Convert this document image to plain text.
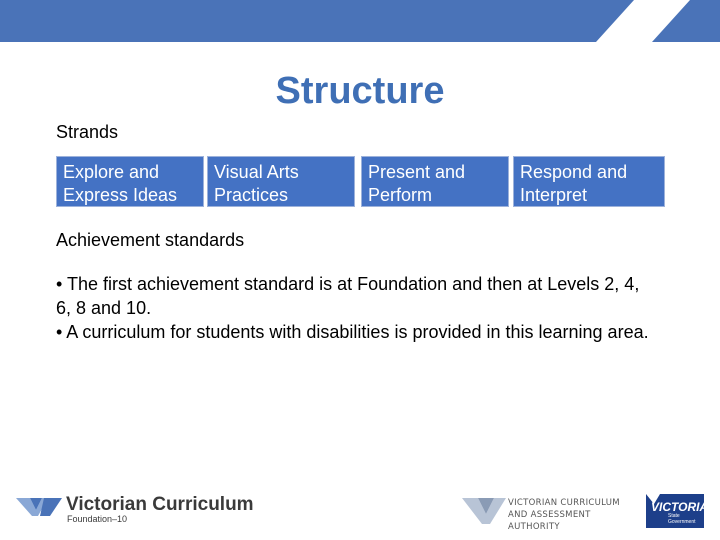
Structure
Strands
Explore and Express Ideas
Visual Arts Practices
Present and Perform
Respond and Interpret
Achievement standards

• The first achievement standard is at Foundation and then at Levels 2, 4, 6, 8 and 10.

• A curriculum for students with disabilities is provided in this learning area.

Victorian Curriculum
Foundation–10
VICTORIAN CURRICULUM AND ASSESSMENT AUTHORITY
VICTORIA
State Government
